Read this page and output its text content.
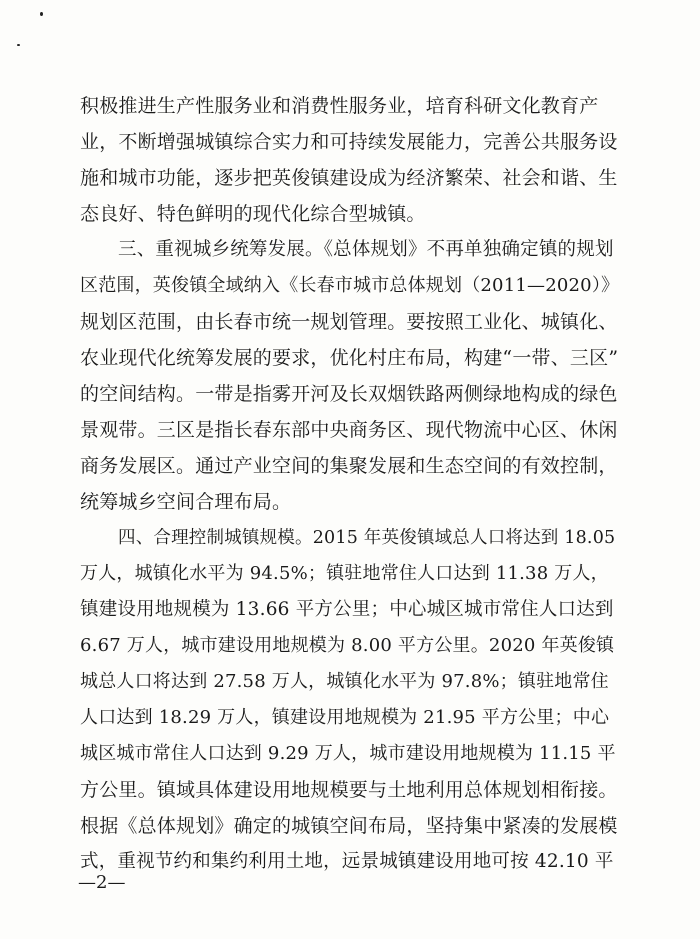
积极推进生产性服务业和消费性服务业，培育科研文化教育产
业，不断增强城镇综合实力和可持续发展能力，完善公共服务设
施和城市功能，逐步把英俊镇建设成为经济繁荣、社会和谐、生
态良好、特色鲜明的现代化综合型城镇。
三、重视城乡统筹发展。《总体规划》不再单独确定镇的规划
区范围，英俊镇全域纳入《长春市城市总体规划（2011—2020）》
规划区范围，由长春市统一规划管理。要按照工业化、城镇化、
农业现代化统筹发展的要求，优化村庄布局，构建“一带、三区”
的空间结构。一带是指雾开河及长双烟铁路两侧绿地构成的绿色
景观带。三区是指长春东部中央商务区、现代物流中心区、休闲
商务发展区。通过产业空间的集聚发展和生态空间的有效控制，
统筹城乡空间合理布局。
四、合理控制城镇规模。2015 年英俊镇域总人口将达到 18.05
万人，城镇化水平为 94.5%；镇驻地常住人口达到 11.38 万人，
镇建设用地规模为 13.66 平方公里；中心城区城市常住人口达到
6.67 万人，城市建设用地规模为 8.00 平方公里。2020 年英俊镇
城总人口将达到 27.58 万人，城镇化水平为 97.8%；镇驻地常住
人口达到 18.29 万人，镇建设用地规模为 21.95 平方公里；中心
城区城市常住人口达到 9.29 万人，城市建设用地规模为 11.15 平
方公里。镇域具体建设用地规模要与土地利用总体规划相衔接。
根据《总体规划》确定的城镇空间布局，坚持集中紧凑的发展模
式，重视节约和集约利用土地，远景城镇建设用地可按 42.10 平
—2—
